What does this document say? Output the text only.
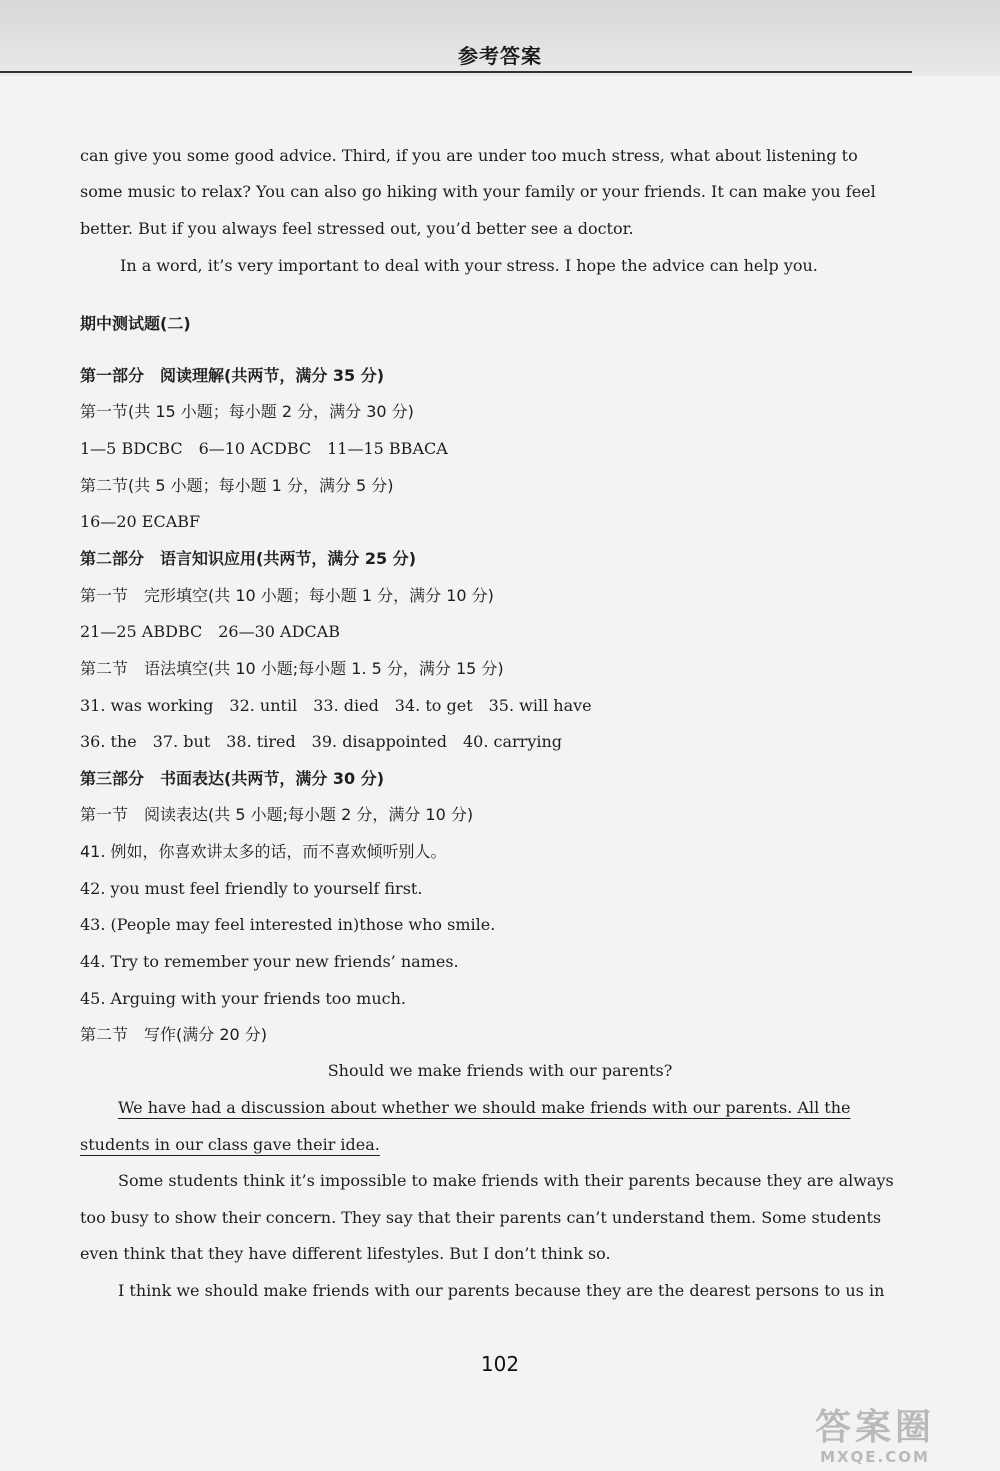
参考答案
can give you some good advice. Third, if you are under too much stress, what about listening to
some music to relax? You can also go hiking with your family or your friends. It can make you feel
better. But if you always feel stressed out, you’d better see a doctor.
In a word, it’s very important to deal with your stress. I hope the advice can help you.
期中测试题(二)
第一部分　阅读理解(共两节，满分 35 分)
第一节(共 15 小题；每小题 2 分，满分 30 分)
1—5 BDCBC　6—10 ACDBC　11—15 BBACA
第二节(共 5 小题；每小题 1 分，满分 5 分)
16—20 ECABF
第二部分　语言知识应用(共两节，满分 25 分)
第一节　完形填空(共 10 小题；每小题 1 分，满分 10 分)
21—25 ABDBC　26—30 ADCAB
第二节　语法填空(共 10 小题;每小题 1. 5 分，满分 15 分)
31. was working　32. until　33. died　34. to get　35. will have
36. the　37. but　38. tired　39. disappointed　40. carrying
第三部分　书面表达(共两节，满分 30 分)
第一节　阅读表达(共 5 小题;每小题 2 分，满分 10 分)
41. 例如，你喜欢讲太多的话，而不喜欢倾听别人。
42. you must feel friendly to yourself first.
43. (People may feel interested in)those who smile.
44. Try to remember your new friends’ names.
45. Arguing with your friends too much.
第二节　写作(满分 20 分)
Should we make friends with our parents?
We have had a discussion about whether we should make friends with our parents. All the
students in our class gave their idea.
Some students think it’s impossible to make friends with their parents because they are always
too busy to show their concern. They say that their parents can’t understand them. Some students
even think that they have different lifestyles. But I don’t think so.
I think we should make friends with our parents because they are the dearest persons to us in
102
答案圈
MXQE.COM
